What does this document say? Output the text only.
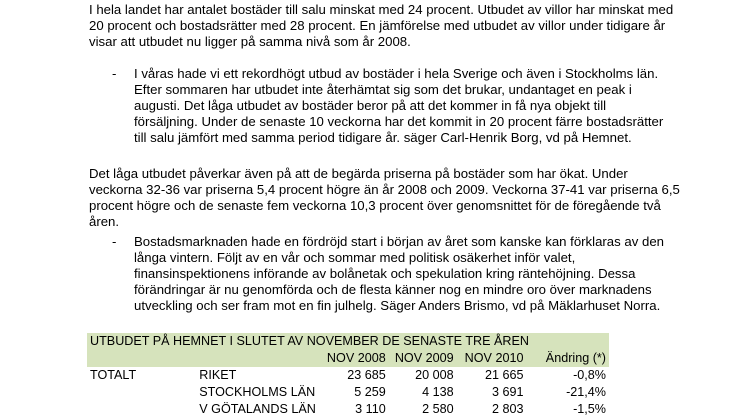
I hela landet har antalet bostäder till salu minskat med 24 procent. Utbudet av villor har minskat med
20 procent och bostadsrätter med 28 procent. En jämförelse med utbudet av villor under tidigare år
visar att utbudet nu ligger på samma nivå som år 2008.
-	I våras hade vi ett rekordhögt utbud av bostäder i hela Sverige och även i Stockholms län.
Efter sommaren har utbudet inte återhämtat sig som det brukar, undantaget en peak i
augusti. Det låga utbudet av bostäder beror på att det kommer in få nya objekt till
försäljning. Under de senaste 10 veckorna har det kommit in 20 procent färre bostadsrätter
till salu jämfört med samma period tidigare år. säger Carl-Henrik Borg, vd på Hemnet.
Det låga utbudet påverkar även på att de begärda priserna på bostäder som har ökat. Under
veckorna 32-36 var priserna 5,4 procent högre än år 2008 och 2009. Veckorna 37-41 var priserna 6,5
procent högre och de senaste fem veckorna 10,3 procent över genomsnittet för de föregående två
åren.
-	Bostadsmarknaden hade en fördröjd start i början av året som kanske kan förklaras av den
långa vintern. Följt av en vår och sommar med politisk osäkerhet inför valet,
finansinspektionens införande av bolånetak och spekulation kring räntehöjning. Dessa
förändringar är nu genomförda och de flesta känner nog en mindre oro över marknadens
utveckling och ser fram mot en fin julhelg. Säger Anders Brismo, vd på Mäklarhuset Norra.
UTBUDET PÅ HEMNET I SLUTET AV NOVEMBER DE SENASTE TRE ÅREN					
		NOV 2008	NOV 2009	NOV 2010	Ändring (*)
TOTALT	RIKET	23 685	20 008	21 665	-0,8%
	STOCKHOLMS LÄN	5 259	4 138	3 691	-21,4%
	V GÖTALANDS LÄN	3 110	2 580	2 803	-1,5%
